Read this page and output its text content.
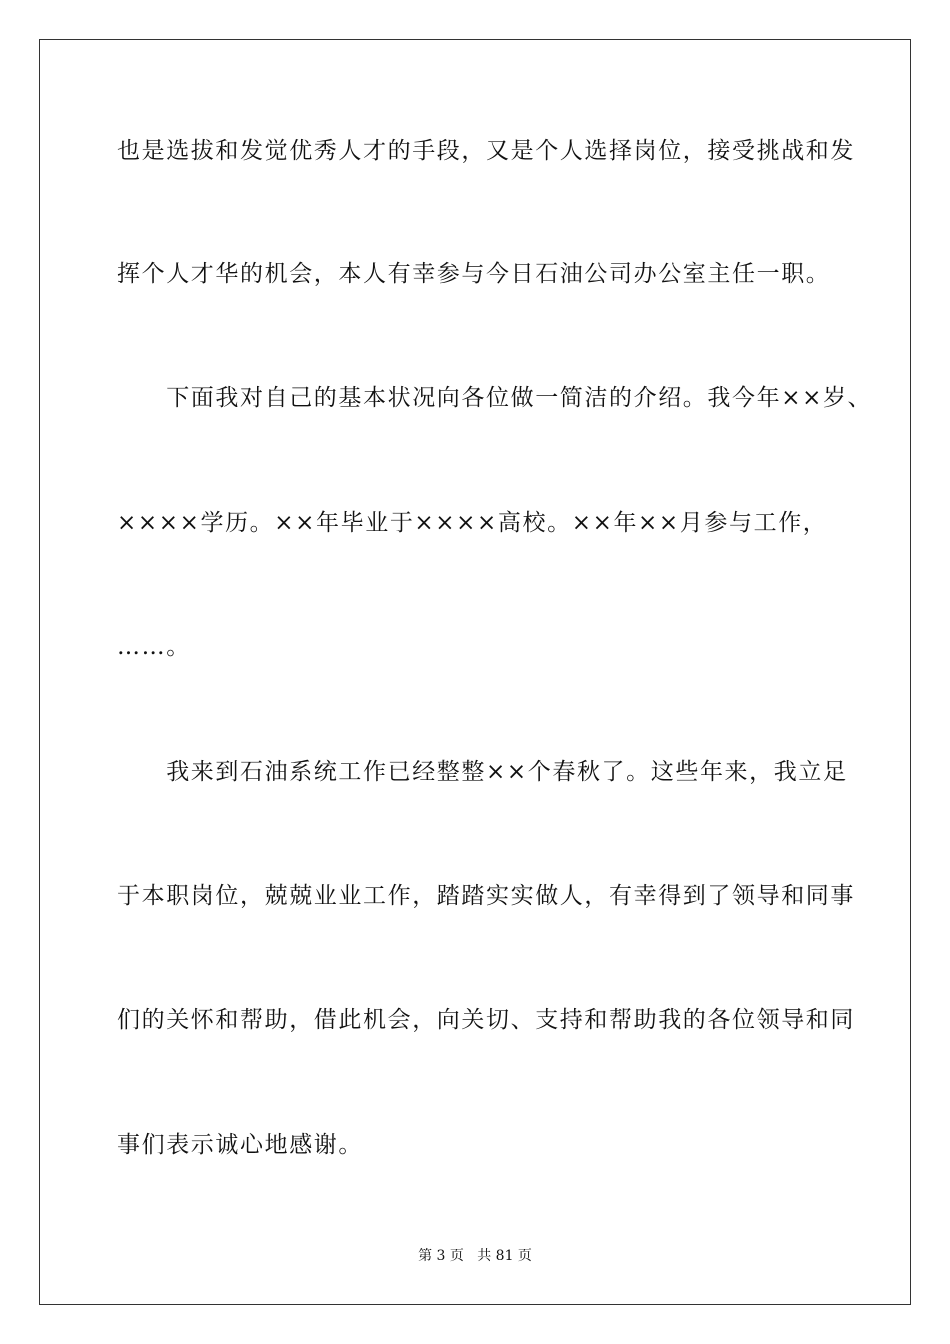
也是选拔和发觉优秀人才的手段，又是个人选择岗位，接受挑战和发
挥个人才华的机会，本人有幸参与今日石油公司办公室主任一职。
　　下面我对自己的基本状况向各位做一简洁的介绍。我今年××岁、
××××学历。××年毕业于××××高校。××年××月参与工作，
……。
　　我来到石油系统工作已经整整××个春秋了。这些年来，我立足
于本职岗位，兢兢业业工作，踏踏实实做人，有幸得到了领导和同事
们的关怀和帮助，借此机会，向关切、支持和帮助我的各位领导和同
事们表示诚心地感谢。
第 3 页   共 81 页
